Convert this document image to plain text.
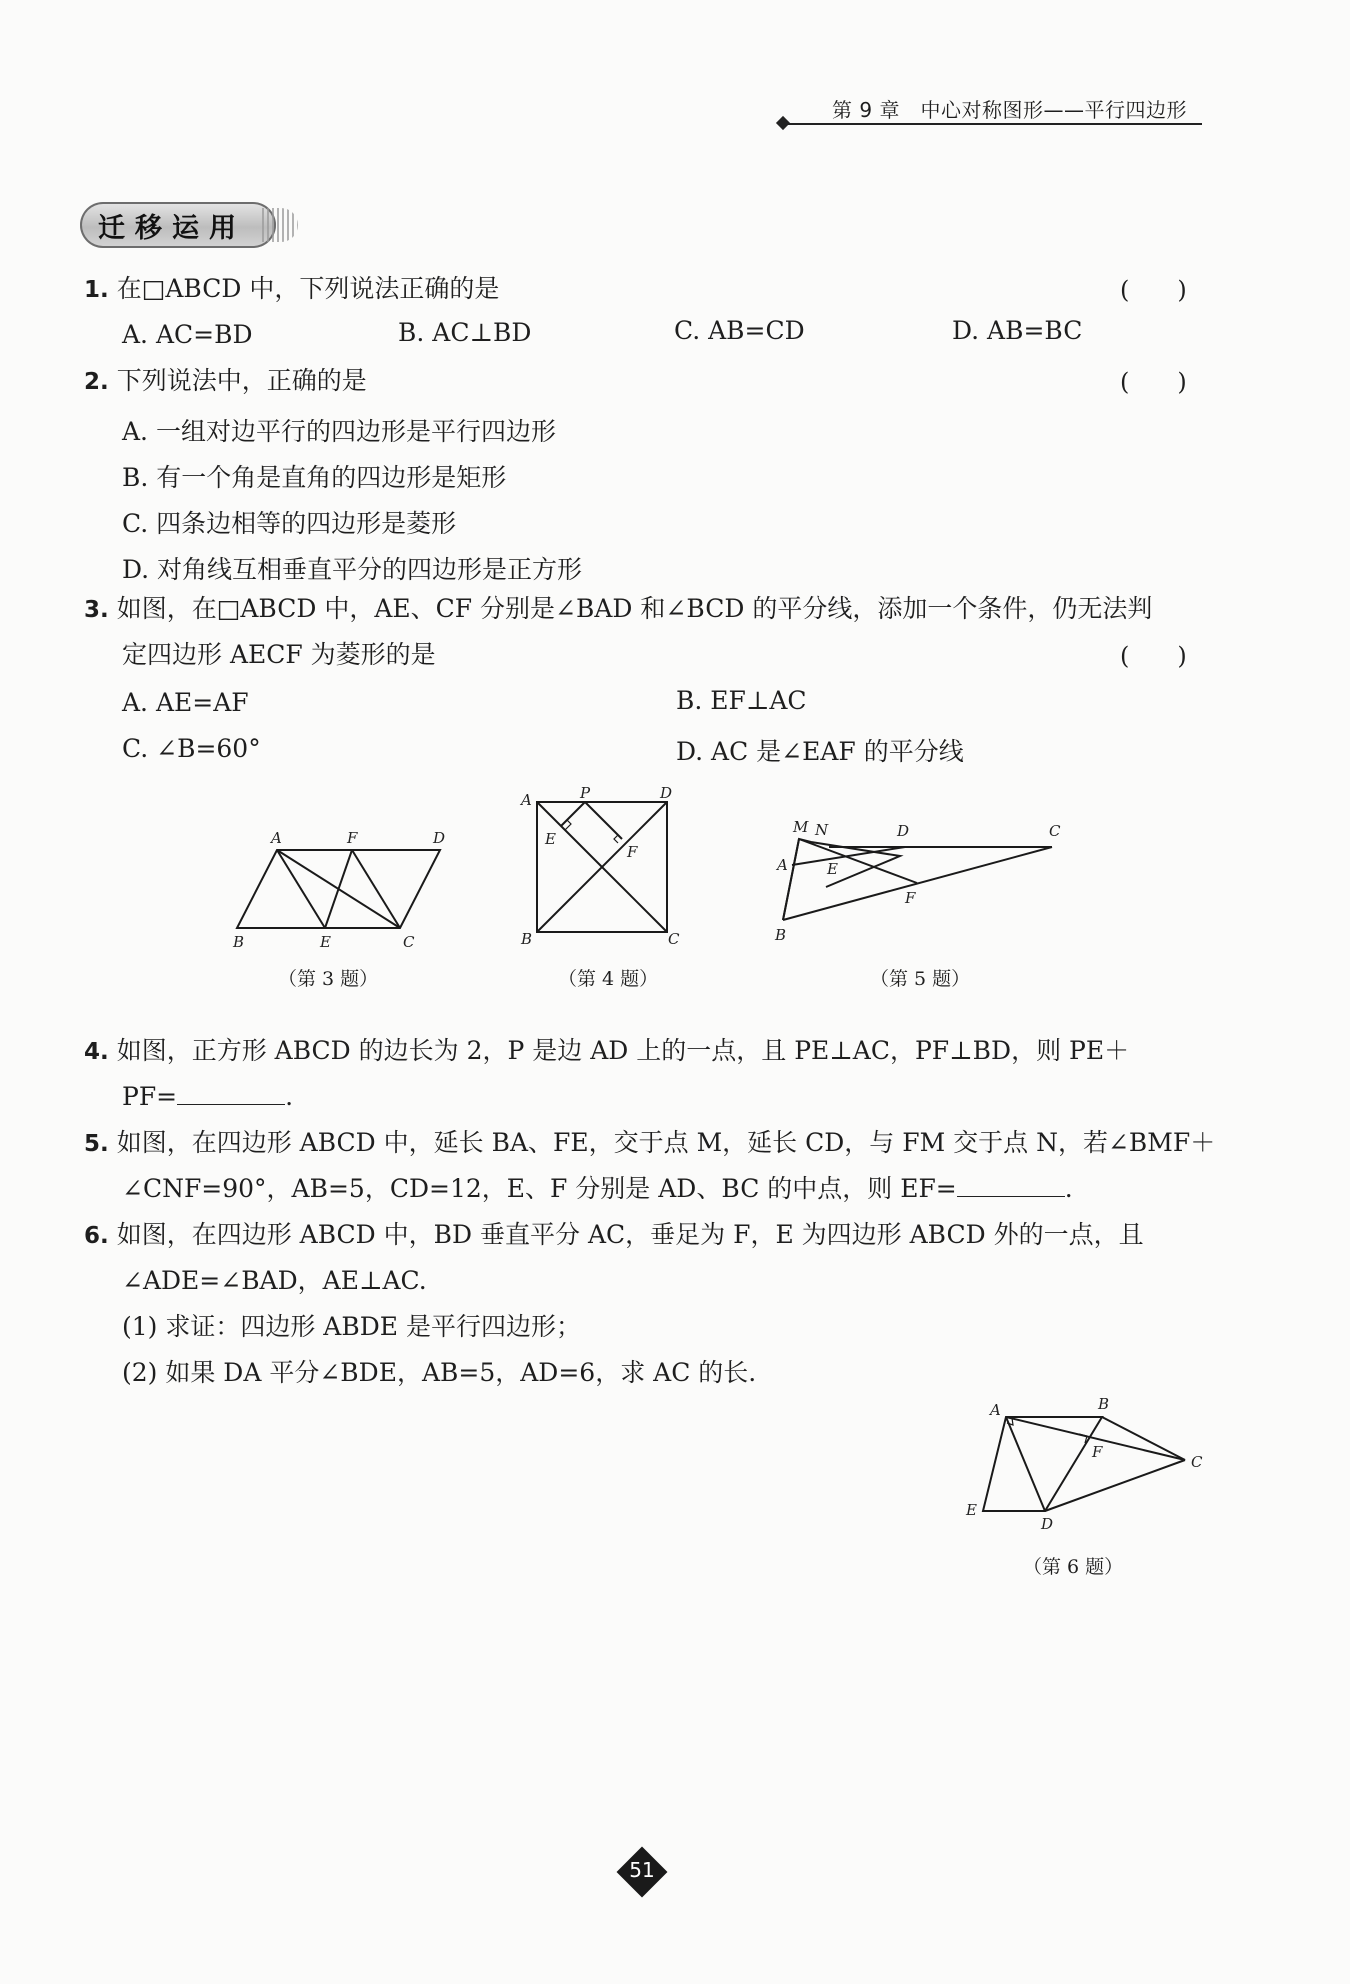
第 9 章　中心对称图形——平行四边形
迁移运用
1. 在□ABCD 中，下列说法正确的是	(　　)
A. AC=BD	B. AC⊥BD	C. AB=CD	D. AB=BC
2. 下列说法中，正确的是	(　　)
A. 一组对边平行的四边形是平行四边形
B. 有一个角是直角的四边形是矩形
C. 四条边相等的四边形是菱形
D. 对角线互相垂直平分的四边形是正方形
3. 如图，在□ABCD 中，AE、CF 分别是∠BAD 和∠BCD 的平分线，添加一个条件，仍无法判
定四边形 AECF 为菱形的是	(　　)
A. AE=AF	B. EF⊥AC
C. ∠B=60°	D. AC 是∠EAF 的平分线
A	F	D
B	E	C
（第 3 题）
A	P	D
E
F
B	C
（第 4 题）
M N	D	C
A	E
F
B
（第 5 题）
4. 如图，正方形 ABCD 的边长为 2，P 是边 AD 上的一点，且 PE⊥AC，PF⊥BD，则 PE＋
PF=	.
5. 如图，在四边形 ABCD 中，延长 BA、FE，交于点 M，延长 CD，与 FM 交于点 N，若∠BMF＋
∠CNF=90°，AB=5，CD=12，E、F 分别是 AD、BC 的中点，则 EF=	.
6. 如图，在四边形 ABCD 中，BD 垂直平分 AC，垂足为 F，E 为四边形 ABCD 外的一点，且
∠ADE=∠BAD，AE⊥AC.
(1) 求证：四边形 ABDE 是平行四边形；
(2) 如果 DA 平分∠BDE，AB=5，AD=6，求 AC 的长.
A	B
F
C
E
D
（第 6 题）
51
